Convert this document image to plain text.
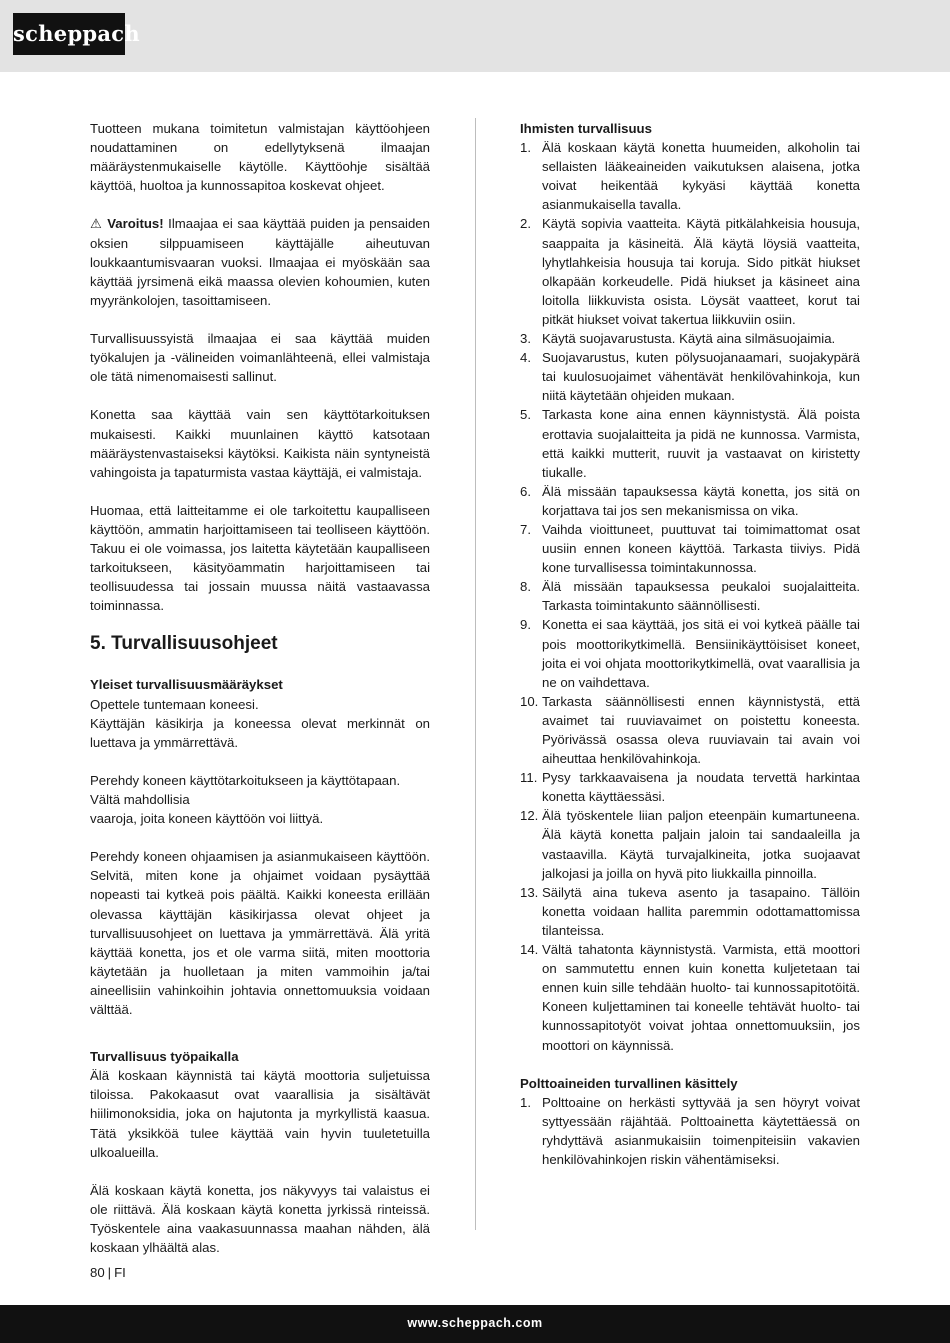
scheppach

Tuotteen mukana toimitetun valmistajan käyttöohjeen noudattaminen on edellytyksenä ilmaajan määräystenmukaiselle käytölle. Käyttöohje sisältää käyttöä, huoltoa ja kunnossapitoa koskevat ohjeet.

⚠ Varoitus! Ilmaajaa ei saa käyttää puiden ja pensaiden oksien silppuamiseen käyttäjälle aiheutuvan loukkaantumisvaaran vuoksi. Ilmaajaa ei myöskään saa käyttää jyrsimenä eikä maassa olevien kohoumien, kuten myyränkolojen, tasoittamiseen.

Turvallisuussyistä ilmaajaa ei saa käyttää muiden työkalujen ja -välineiden voimanlähteenä, ellei valmistaja ole tätä nimenomaisesti sallinut.

Konetta saa käyttää vain sen käyttötarkoituksen mukaisesti. Kaikki muunlainen käyttö katsotaan määräystenvastaiseksi käytöksi. Kaikista näin syntyneistä vahingoista ja tapaturmista vastaa käyttäjä, ei valmistaja.

Huomaa, että laitteitamme ei ole tarkoitettu kaupalliseen käyttöön, ammatin harjoittamiseen tai teolliseen käyttöön. Takuu ei ole voimassa, jos laitetta käytetään kaupalliseen tarkoitukseen, käsityöammatin harjoittamiseen tai teollisuudessa tai jossain muussa näitä vastaavassa toiminnassa.

5. Turvallisuusohjeet

Yleiset turvallisuusmääräykset

Opettele tuntemaan koneesi.

Käyttäjän käsikirja ja koneessa olevat merkinnät on luettava ja ymmärrettävä.

Perehdy koneen käyttötarkoitukseen ja käyttötapaan.

Vältä mahdollisia

vaaroja, joita koneen käyttöön voi liittyä.

Perehdy koneen ohjaamisen ja asianmukaiseen käyttöön. Selvitä, miten kone ja ohjaimet voidaan pysäyttää nopeasti tai kytkeä pois päältä. Kaikki koneesta erillään olevassa käyttäjän käsikirjassa olevat ohjeet ja turvallisuusohjeet on luettava ja ymmärrettävä. Älä yritä käyttää konetta, jos et ole varma siitä, miten moottoria käytetään ja huolletaan ja miten vammoihin ja/tai aineellisiin vahinkoihin johtavia onnettomuuksia voidaan välttää.

Turvallisuus työpaikalla

Älä koskaan käynnistä tai käytä moottoria suljetuissa tiloissa. Pakokaasut ovat vaarallisia ja sisältävät hiilimonoksidia, joka on hajutonta ja myrkyllistä kaasua. Tätä yksikköä tulee käyttää vain hyvin tuuletetuilla ulkoalueilla.

Älä koskaan käytä konetta, jos näkyvyys tai valaistus ei ole riittävä. Älä koskaan käytä konetta jyrkissä rinteissä. Työskentele aina vaakasuunnassa maahan nähden, älä koskaan ylhäältä alas.

Ihmisten turvallisuus

1. Älä koskaan käytä konetta huumeiden, alkoholin tai sellaisten lääkeaineiden vaikutuksen alaisena, jotka voivat heikentää kykyäsi käyttää konetta asianmukaisella tavalla.
2. Käytä sopivia vaatteita. Käytä pitkälahkeisia housuja, saappaita ja käsineitä. Älä käytä löysiä vaatteita, lyhytlahkeisia housuja tai koruja. Sido pitkät hiukset olkapään korkeudelle. Pidä hiukset ja käsineet aina loitolla liikkuvista osista. Löysät vaatteet, korut tai pitkät hiukset voivat takertua liikkuviin osiin.
3. Käytä suojavarustusta. Käytä aina silmäsuojaimia.
4. Suojavarustus, kuten pölysuojanaamari, suojakypärä tai kuulosuojaimet vähentävät henkilövahinkoja, kun niitä käytetään ohjeiden mukaan.
5. Tarkasta kone aina ennen käynnistystä. Älä poista erottavia suojalaitteita ja pidä ne kunnossa. Varmista, että kaikki mutterit, ruuvit ja vastaavat on kiristetty tiukalle.
6. Älä missään tapauksessa käytä konetta, jos sitä on korjattava tai jos sen mekanismissa on vika.
7. Vaihda vioittuneet, puuttuvat tai toimimattomat osat uusiin ennen koneen käyttöä. Tarkasta tiiviys. Pidä kone turvallisessa toimintakunnossa.
8. Älä missään tapauksessa peukaloi suojalaitteita. Tarkasta toimintakunto säännöllisesti.
9. Konetta ei saa käyttää, jos sitä ei voi kytkeä päälle tai pois moottorikytkimellä. Bensiinikäyttöisiset koneet, joita ei voi ohjata moottorikytkimellä, ovat vaarallisia ja ne on vaihdettava.
10. Tarkasta säännöllisesti ennen käynnistystä, että avaimet tai ruuviavaimet on poistettu koneesta. Pyörivässä osassa oleva ruuviavain tai avain voi aiheuttaa henkilövahinkoja.
11. Pysy tarkkaavaisena ja noudata tervettä harkintaa konetta käyttäessäsi.
12. Älä työskentele liian paljon eteenpäin kumartuneena. Älä käytä konetta paljain jaloin tai sandaaleilla ja vastaavilla. Käytä turvajalkineita, jotka suojaavat jalkojasi ja joilla on hyvä pito liukkailla pinnoilla.
13. Säilytä aina tukeva asento ja tasapaino. Tällöin konetta voidaan hallita paremmin odottamattomissa tilanteissa.
14. Vältä tahatonta käynnistystä. Varmista, että moottori on sammutettu ennen kuin konetta kuljetetaan tai ennen kuin sille tehdään huolto- tai kunnossapitotöitä. Koneen kuljettaminen tai koneelle tehtävät huolto- tai kunnossapitotyöt voivat johtaa onnettomuuksiin, jos moottori on käynnissä.

Polttoaineiden turvallinen käsittely

1. Polttoaine on herkästi syttyvää ja sen höyryt voivat syttyessään räjähtää. Polttoainetta käytettäessä on ryhdyttävä asianmukaisiin toimenpiteisiin vakavien henkilövahinkojen riskin vähentämiseksi.
80 | FI
www.scheppach.com
